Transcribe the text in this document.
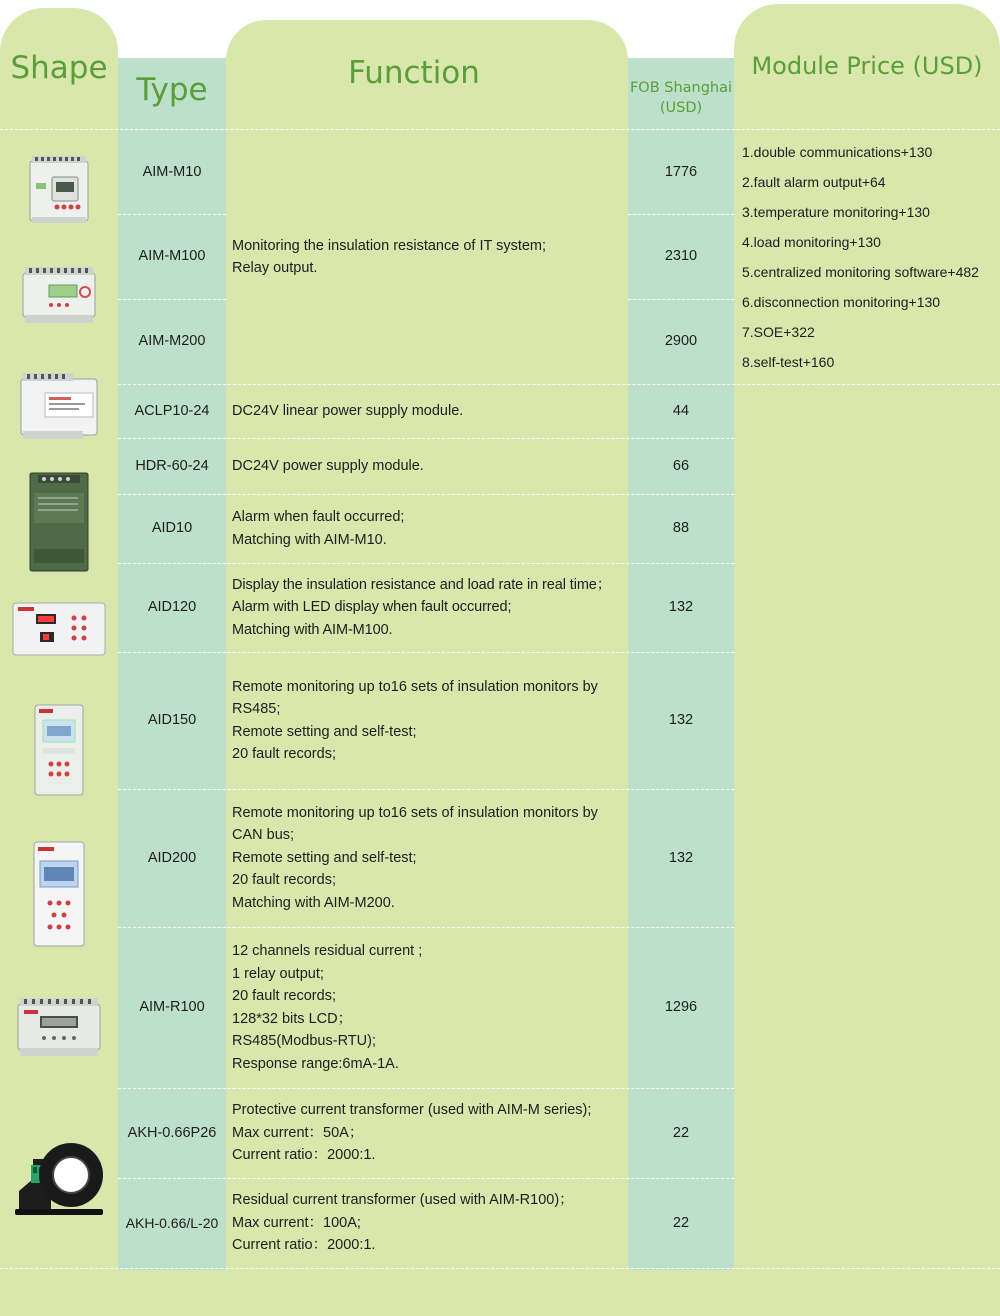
Shape
Type	Function	FOB Shanghai
(USD)
Module Price (USD)
AIM-M10
AIM-M100
AIM-M200
ACLP10-24
HDR-60-24
AID10
AID120
AID150
AID200
AIM-R100
AKH-0.66P26
AKH-0.66/L-20
Monitoring the insulation resistance of IT system;
Relay output.
DC24V linear power supply module.
DC24V power supply module.
Alarm when fault occurred;
Matching with AIM-M10.
Display the insulation resistance and load rate in real time；
Alarm with LED display when fault occurred;
Matching with AIM-M100.
Remote monitoring up to16 sets of insulation monitors by
RS485;
Remote setting and self-test;
20 fault records;
Remote monitoring up to16 sets of insulation monitors by
CAN bus;
Remote setting and self-test;
20 fault records;
Matching with AIM-M200.
12 channels residual current ;
1 relay output;
20 fault records;
128*32 bits LCD；
RS485(Modbus-RTU);
Response range:6mA-1A.
Protective current transformer (used with AIM-M series);
Max current：50A；
Current ratio：2000:1.
Residual current transformer (used with AIM-R100)；
Max current：100A;
Current ratio：2000:1.
1776
2310
2900
44
66
88
132
132
132
1296
22
22
1.double communications+130
2.fault alarm output+64
3.temperature monitoring+130
4.load monitoring+130
5.centralized monitoring software+482
6.disconnection monitoring+130
7.SOE+322
8.self-test+160
